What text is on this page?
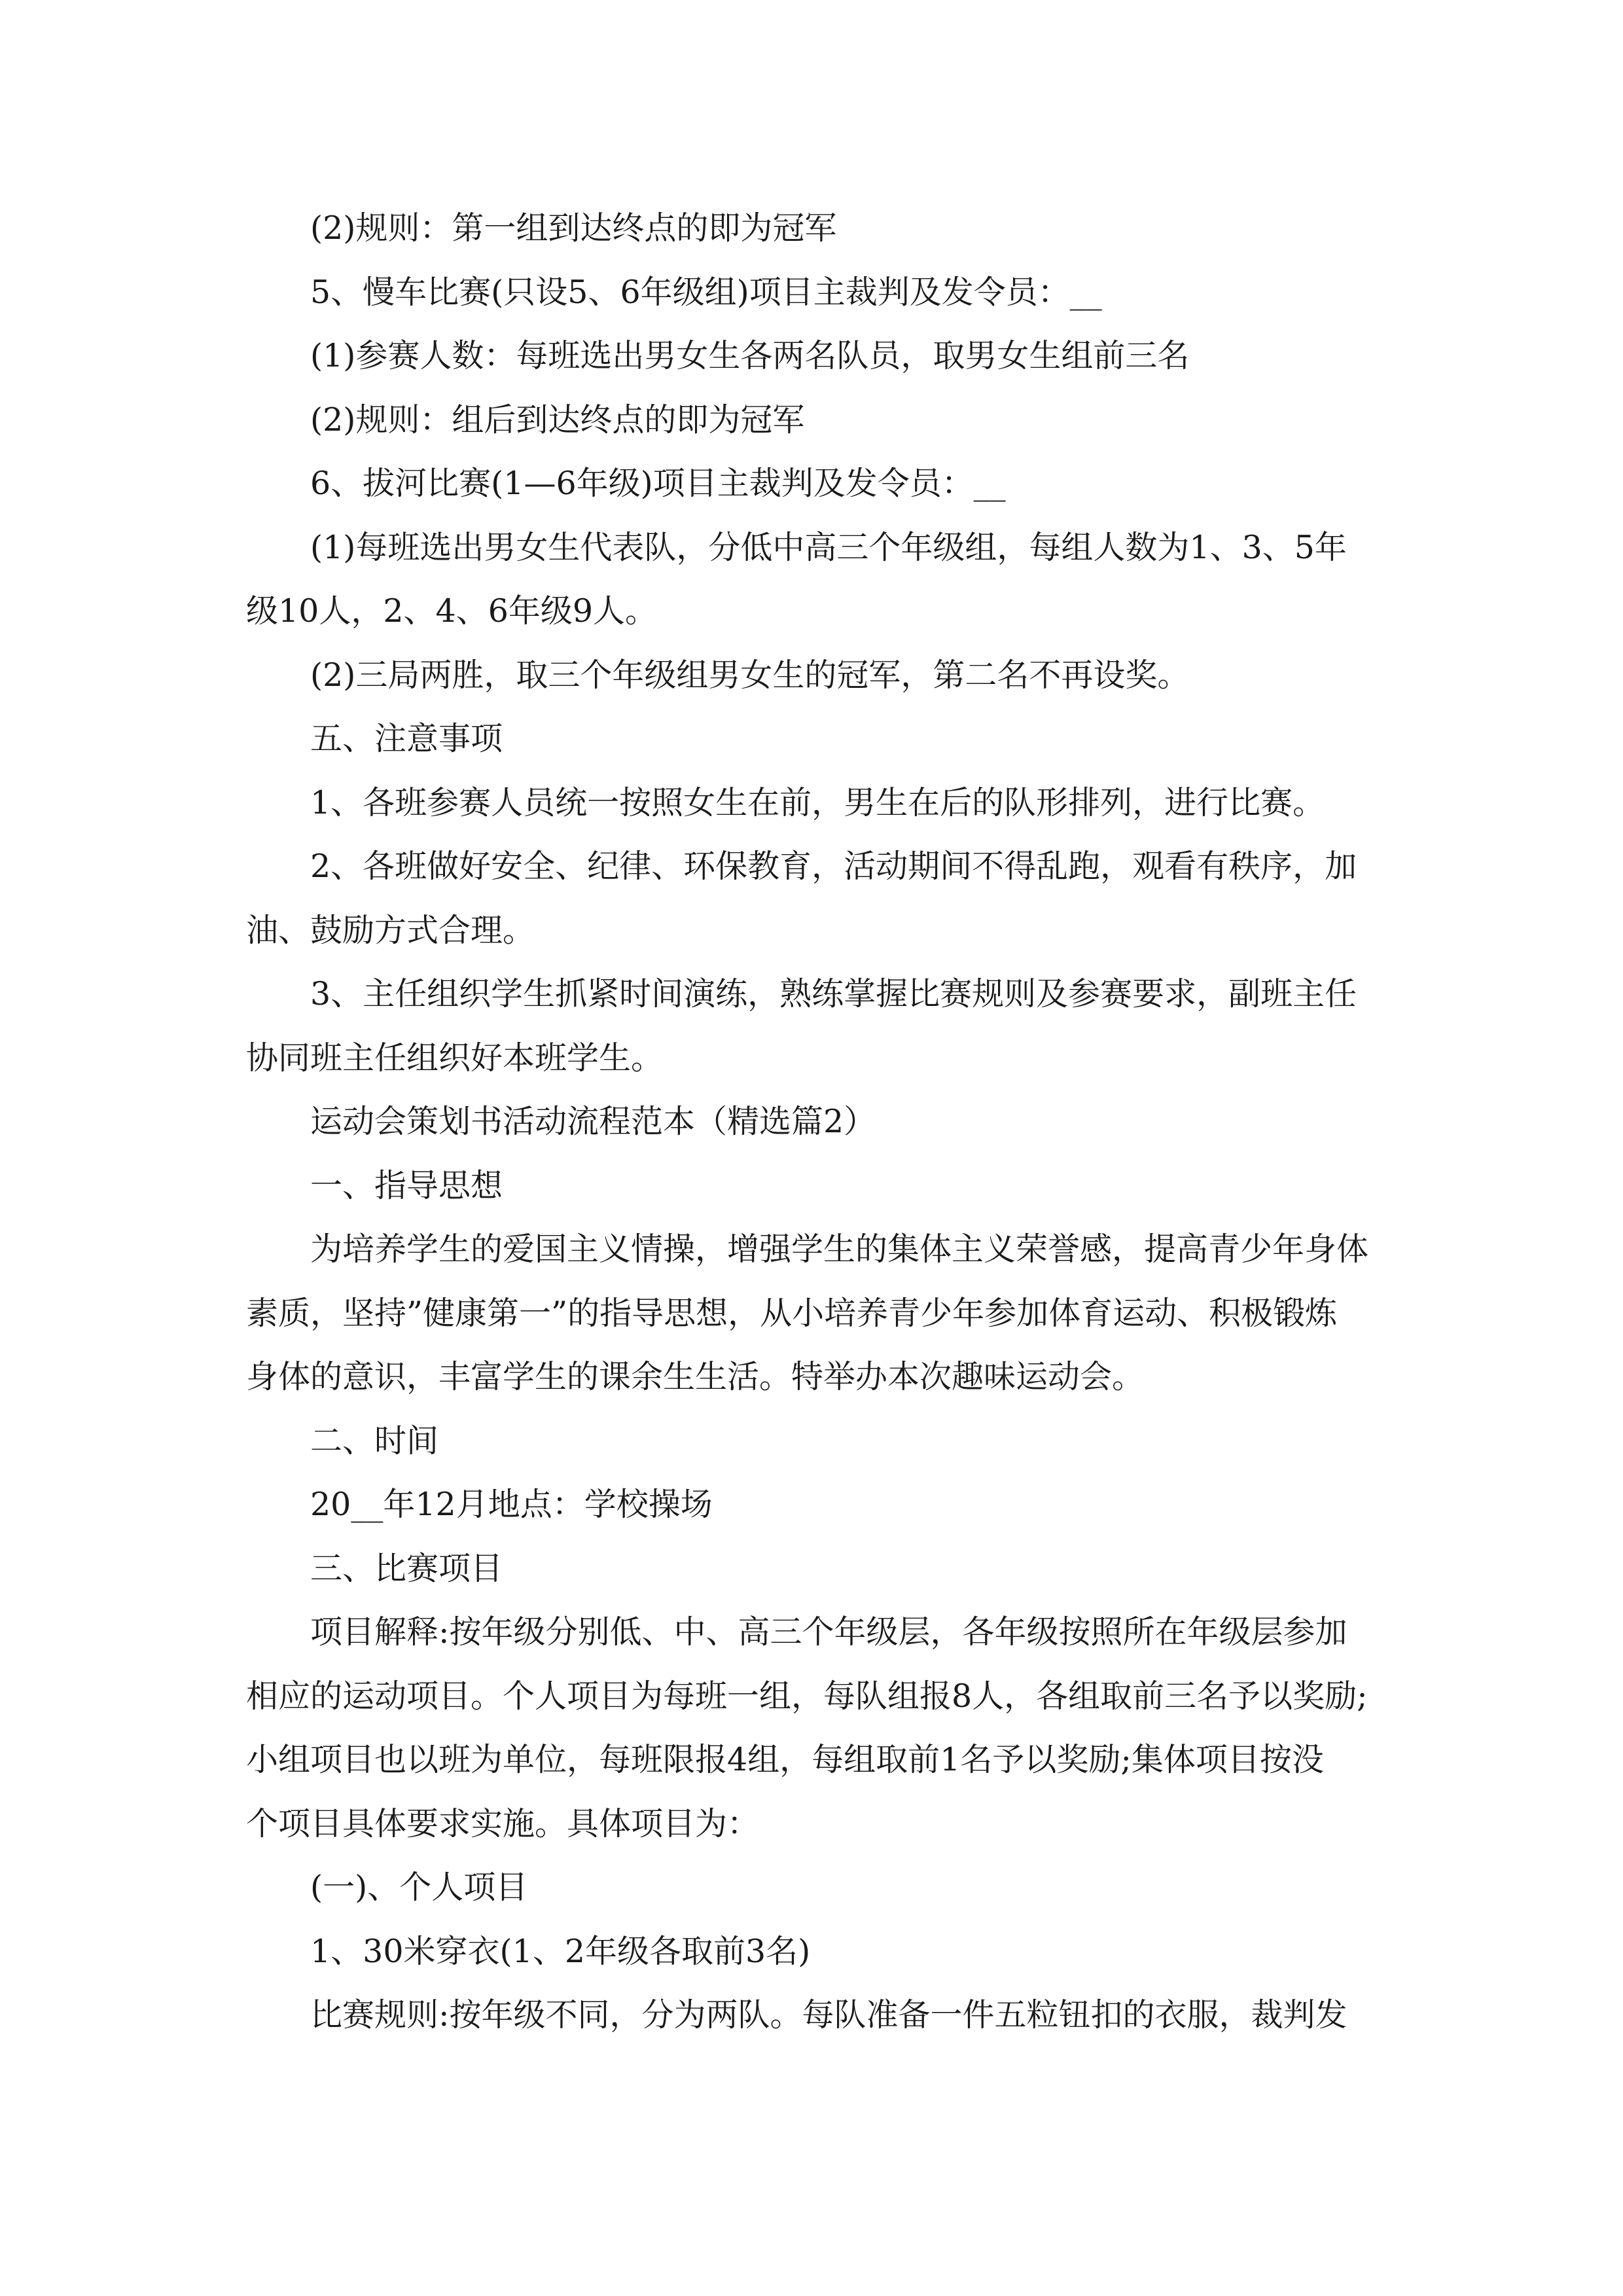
(2)规则：第一组到达终点的即为冠军

5、慢车比赛(只设5、6年级组)项目主裁判及发令员：__

(1)参赛人数：每班选出男女生各两名队员，取男女生组前三名

(2)规则：组后到达终点的即为冠军

6、拔河比赛(1—6年级)项目主裁判及发令员：__

(1)每班选出男女生代表队，分低中高三个年级组，每组人数为1、3、5年

级10人，2、4、6年级9人。

(2)三局两胜，取三个年级组男女生的冠军，第二名不再设奖。

五、注意事项

1、各班参赛人员统一按照女生在前，男生在后的队形排列，进行比赛。

2、各班做好安全、纪律、环保教育，活动期间不得乱跑，观看有秩序，加

油、鼓励方式合理。

3、主任组织学生抓紧时间演练，熟练掌握比赛规则及参赛要求，副班主任

协同班主任组织好本班学生。

运动会策划书活动流程范本（精选篇2）

一、指导思想

为培养学生的爱国主义情操，增强学生的集体主义荣誉感，提高青少年身体

素质，坚持”健康第一”的指导思想，从小培养青少年参加体育运动、积极锻炼

身体的意识，丰富学生的课余生生活。特举办本次趣味运动会。

二、时间

20__年12月地点：学校操场

三、比赛项目

项目解释:按年级分别低、中、高三个年级层，各年级按照所在年级层参加

相应的运动项目。个人项目为每班一组，每队组报8人，各组取前三名予以奖励;

小组项目也以班为单位，每班限报4组，每组取前1名予以奖励;集体项目按没

个项目具体要求实施。具体项目为：

(一)、个人项目

1、30米穿衣(1、2年级各取前3名)

比赛规则:按年级不同，分为两队。每队准备一件五粒钮扣的衣服，裁判发
